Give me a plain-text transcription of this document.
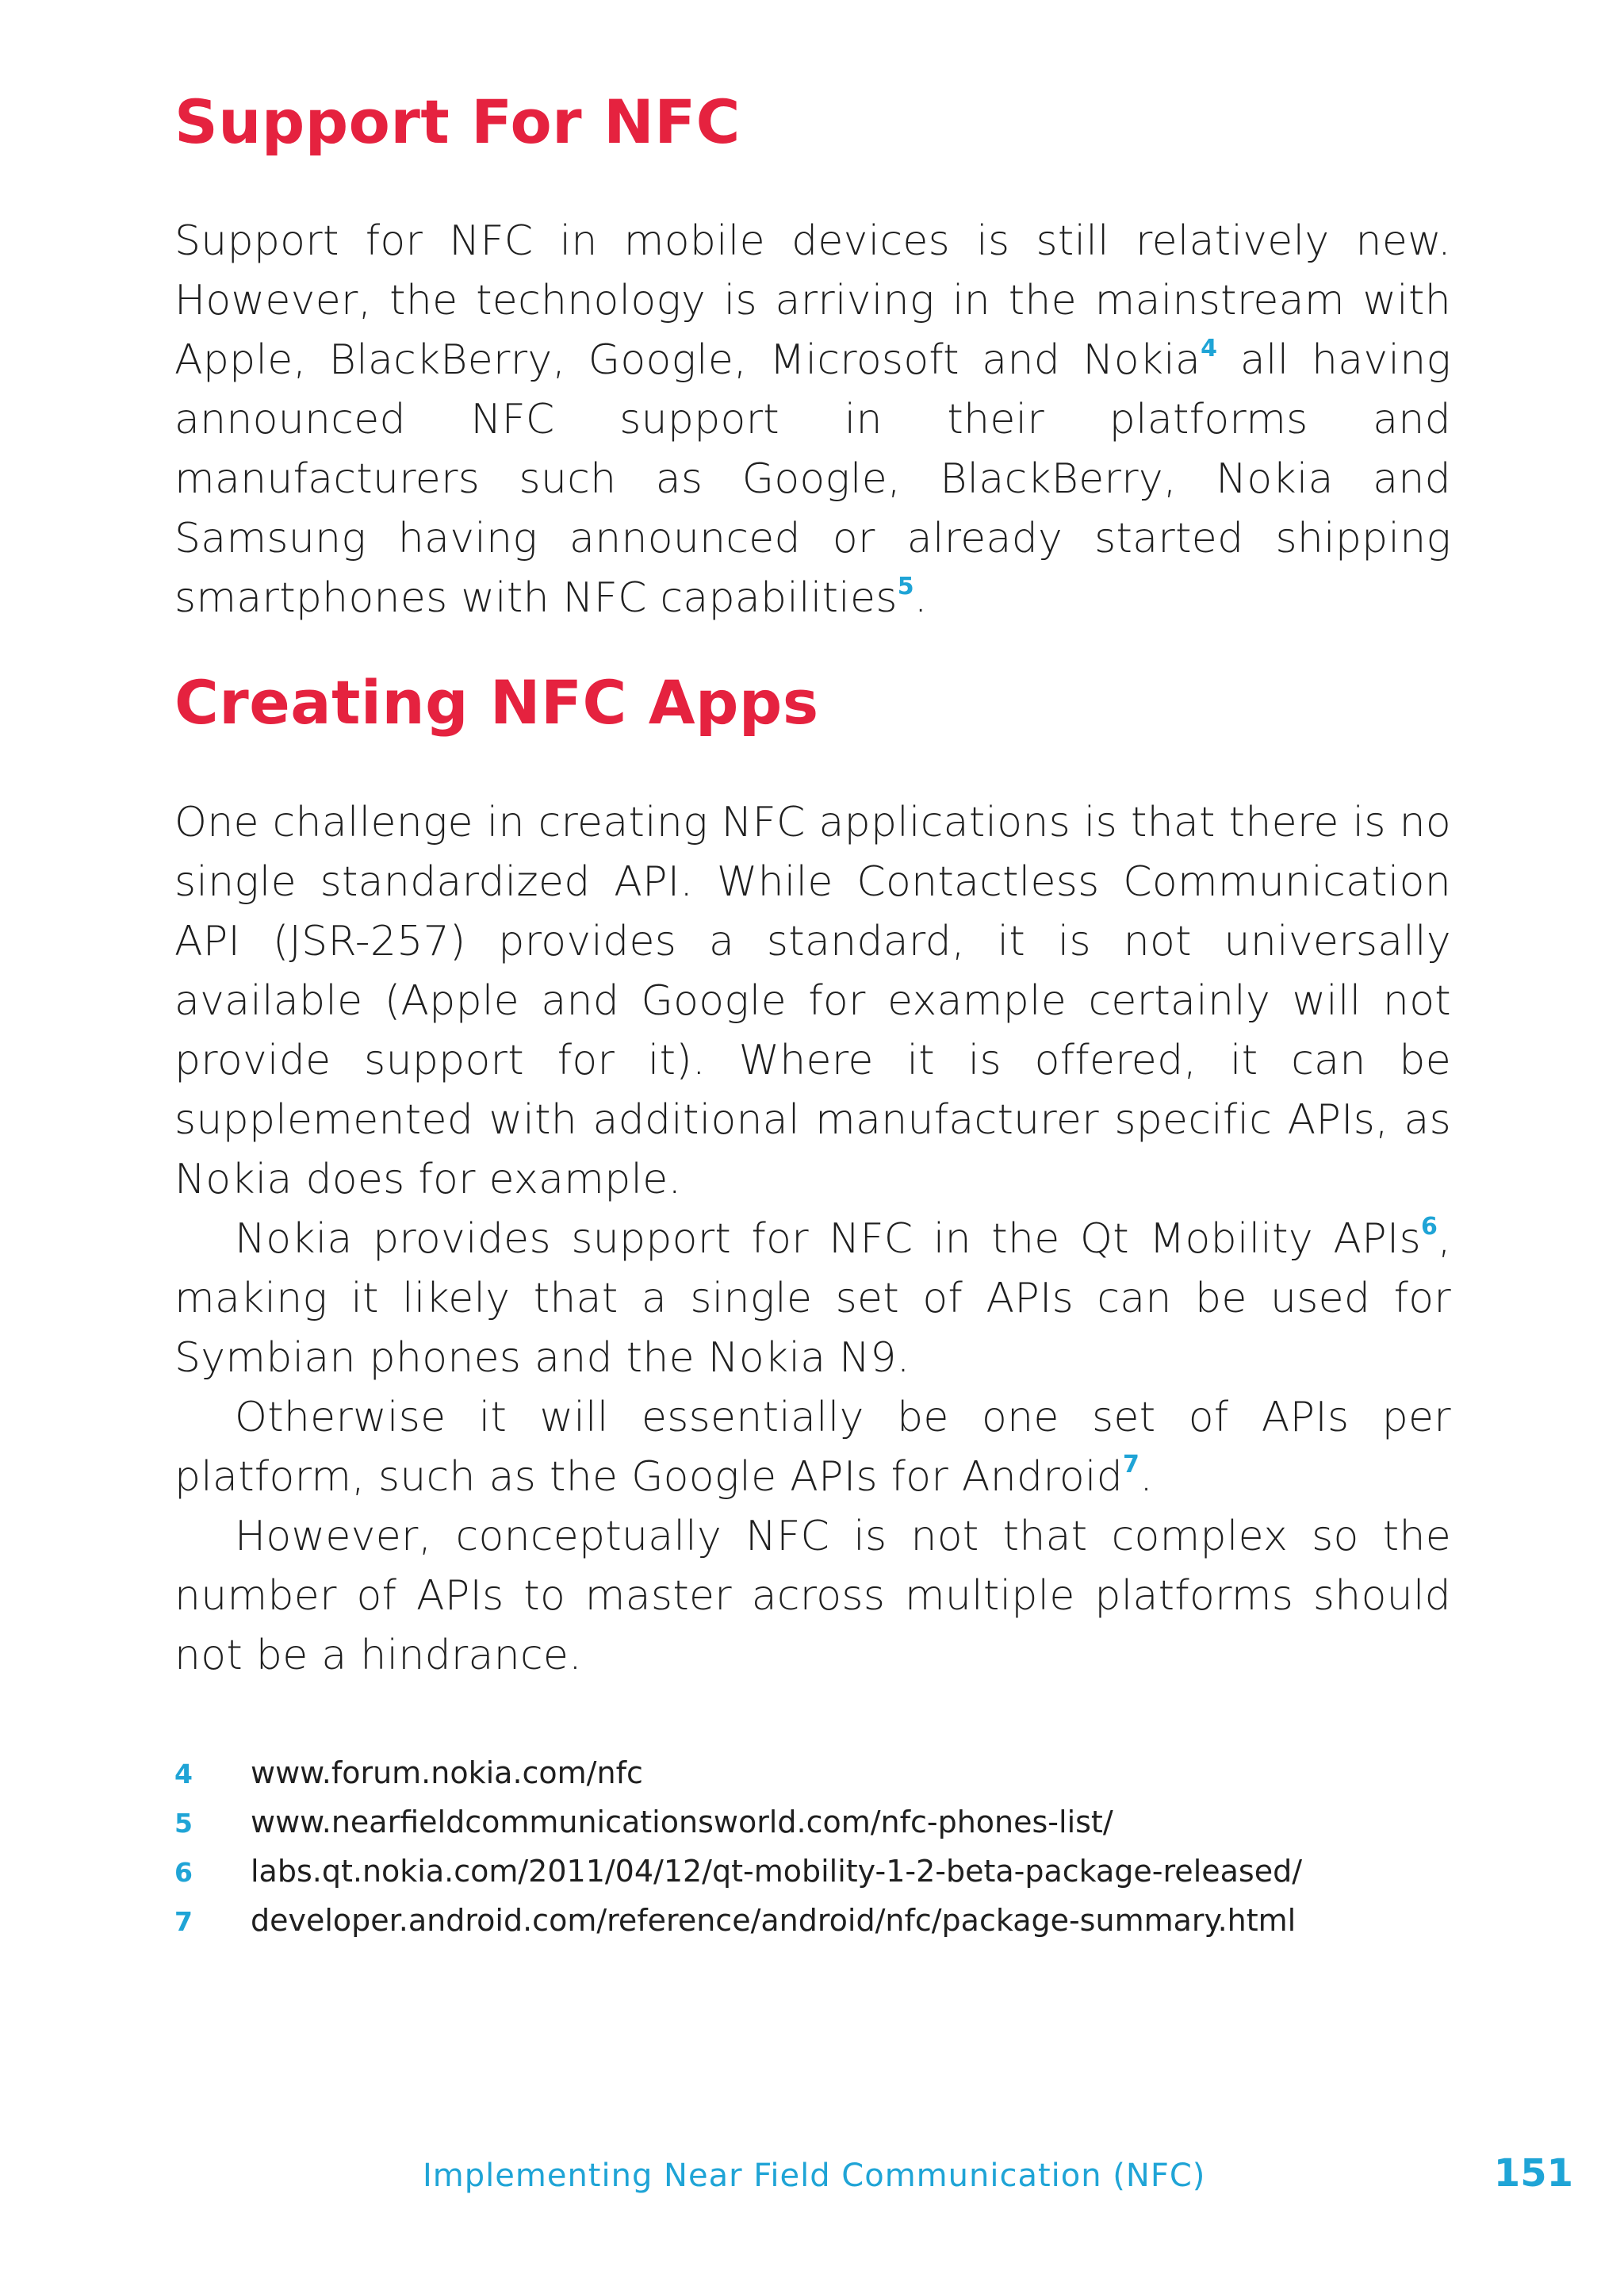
Support For NFC

Support for NFC in mobile devices is still relatively new. However, the technology is arriving in the mainstream with Apple, BlackBerry, Google, Microsoft and Nokia$^4$ all having announced NFC support in their platforms and manufacturers such as Google, BlackBerry, Nokia and Samsung having announced or already started shipping smartphones with NFC capabilities$^5$.

Creating NFC Apps

One challenge in creating NFC applications is that there is no single standardized API. While Contactless Communication API (JSR-257) provides a standard, it is not universally available (Apple and Google for example certainly will not provide support for it). Where it is offered, it can be supplemented with additional manufacturer specific APIs, as Nokia does for example.

Nokia provides support for NFC in the Qt Mobility APIs$^6$, making it likely that a single set of APIs can be used for Symbian phones and the Nokia N9.

Otherwise it will essentially be one set of APIs per platform, such as the Google APIs for Android$^7$.

However, conceptually NFC is not that complex so the number of APIs to master across multiple platforms should not be a hindrance.

4	www.forum.nokia.com/nfc
5	www.nearfieldcommunicationsworld.com/nfc-phones-list/
6	labs.qt.nokia.com/2011/04/12/qt-mobility-1-2-beta-package-released/
7	developer.android.com/reference/android/nfc/package-summary.html
Implementing Near Field Communication (NFC)	151
